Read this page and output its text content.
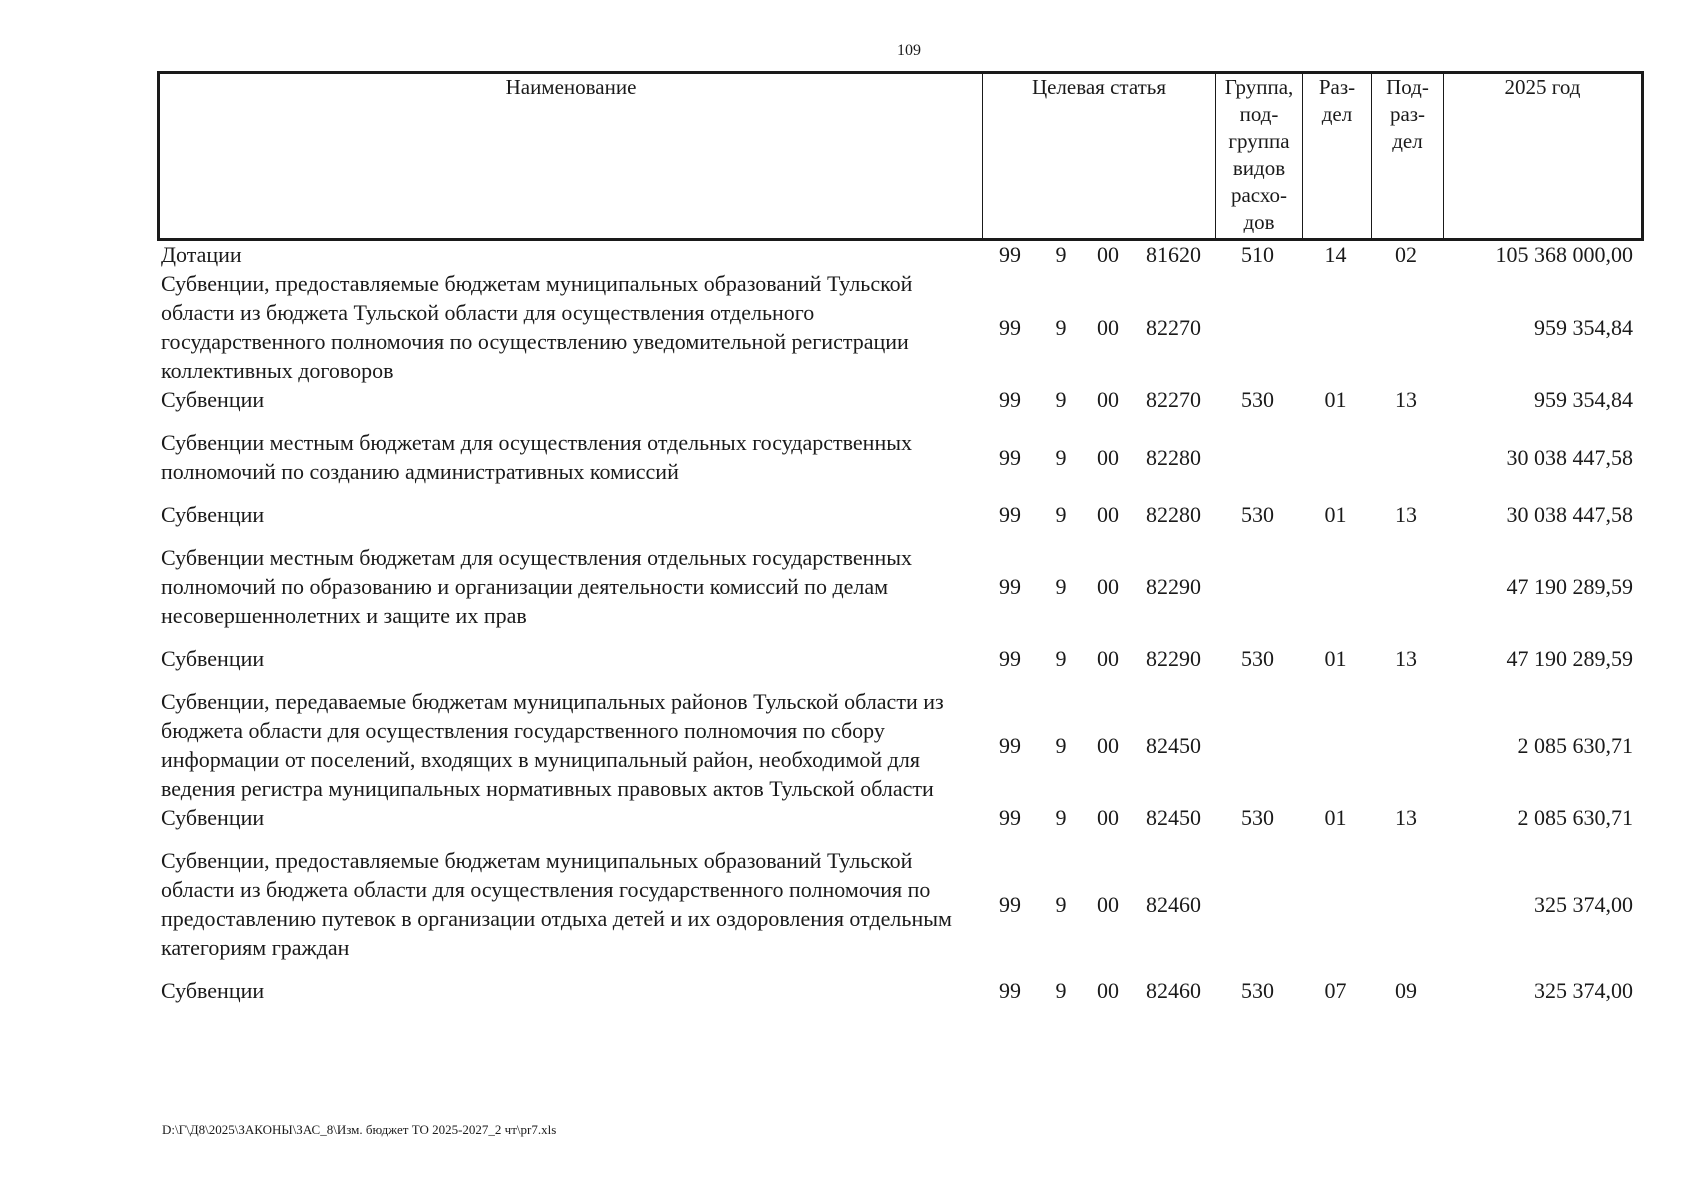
109
Наименование	Целевая статья	Группа, под-группа видов расхо-дов	Раз-дел	Под-раз-дел	2025 год
Дотации	99	9	00	81620	510	14	02	105 368 000,00
Субвенции, предоставляемые бюджетам муниципальных образований Тульской области из бюджета Тульской области для осуществления отдельного государственного полномочия по осуществлению уведомительной регистрации коллективных договоров	99	9	00	82270				959 354,84
Субвенции	99	9	00	82270	530	01	13	959 354,84
Субвенции местным бюджетам для осуществления отдельных государственных полномочий по созданию административных комиссий	99	9	00	82280				30 038 447,58
Субвенции	99	9	00	82280	530	01	13	30 038 447,58
Субвенции местным бюджетам для осуществления отдельных государственных полномочий по образованию и организации деятельности комиссий по делам несовершеннолетних и защите их прав	99	9	00	82290				47 190 289,59
Субвенции	99	9	00	82290	530	01	13	47 190 289,59
Субвенции, передаваемые бюджетам муниципальных районов Тульской области из бюджета области для осуществления государственного полномочия по сбору информации от поселений, входящих в муниципальный район, необходимой для ведения регистра муниципальных нормативных правовых актов Тульской области	99	9	00	82450				2 085 630,71
Субвенции	99	9	00	82450	530	01	13	2 085 630,71
Субвенции, предоставляемые бюджетам муниципальных образований Тульской области из бюджета области для осуществления государственного полномочия по предоставлению путевок в организации отдыха детей и их оздоровления отдельным категориям граждан	99	9	00	82460				325 374,00
Субвенции	99	9	00	82460	530	07	09	325 374,00
D:\Г\Д8\2025\ЗАКОНЫ\ЗАС_8\Изм. бюджет ТО 2025-2027_2 чт\pr7.xls
